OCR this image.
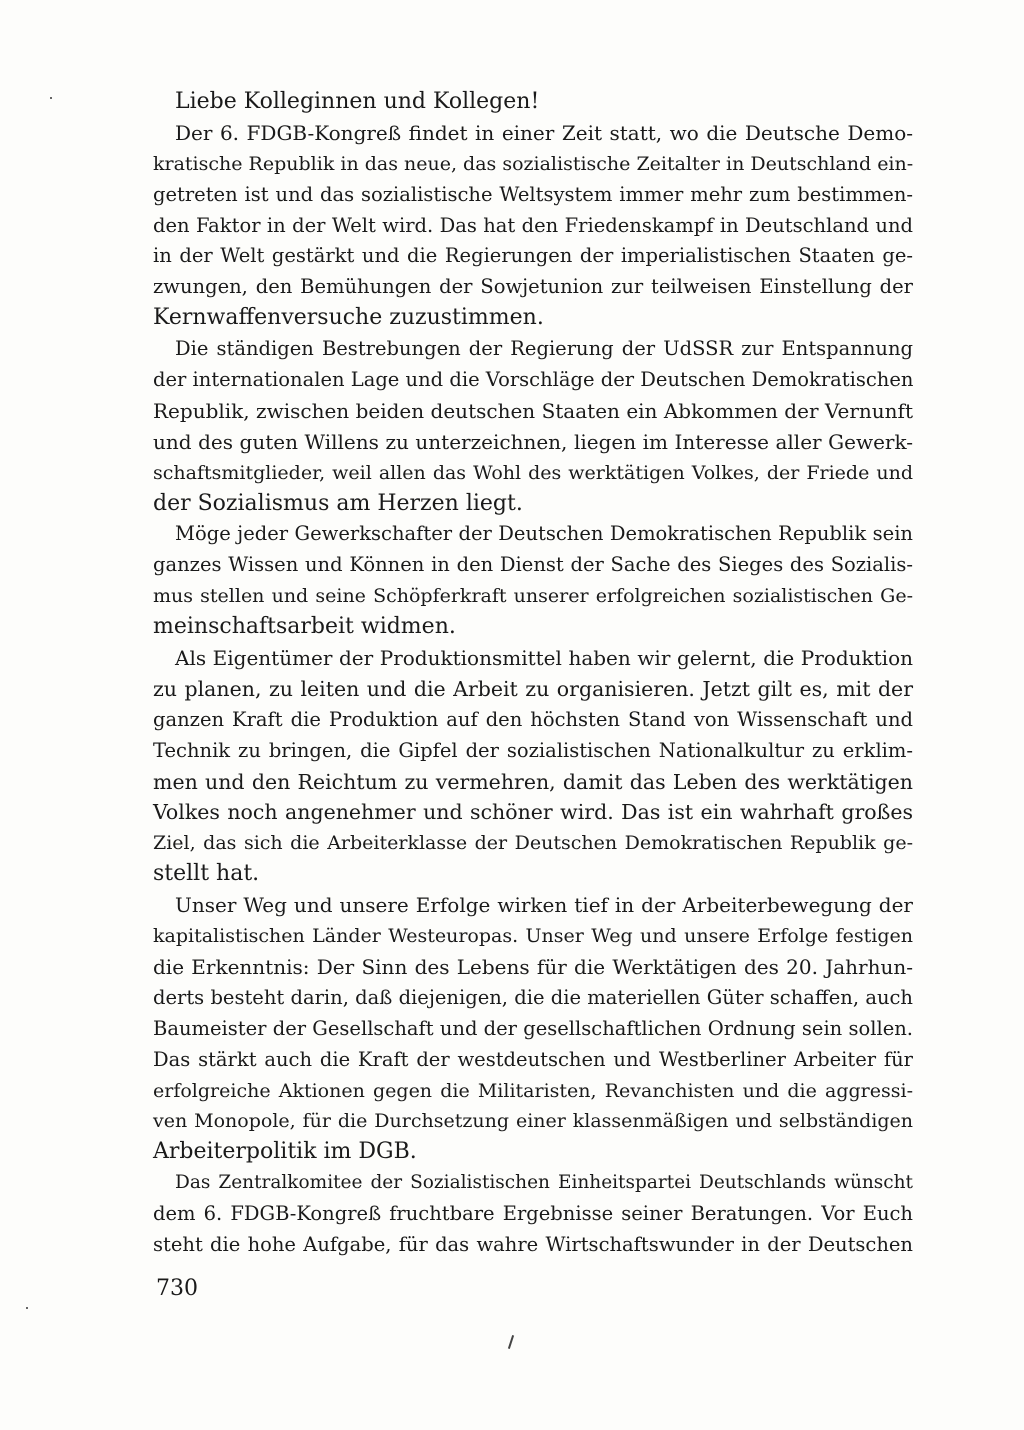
Liebe Kolleginnen und Kollegen!
Der 6. FDGB-Kongreß findet in einer Zeit statt, wo die Deutsche Demo-
kratische Republik in das neue, das sozialistische Zeitalter in Deutschland ein-
getreten ist und das sozialistische Weltsystem immer mehr zum bestimmen-
den Faktor in der Welt wird. Das hat den Friedenskampf in Deutschland und
in der Welt gestärkt und die Regierungen der imperialistischen Staaten ge-
zwungen, den Bemühungen der Sowjetunion zur teilweisen Einstellung der
Kernwaffenversuche zuzustimmen.
Die ständigen Bestrebungen der Regierung der UdSSR zur Entspannung
der internationalen Lage und die Vorschläge der Deutschen Demokratischen
Republik, zwischen beiden deutschen Staaten ein Abkommen der Vernunft
und des guten Willens zu unterzeichnen, liegen im Interesse aller Gewerk-
schaftsmitglieder, weil allen das Wohl des werktätigen Volkes, der Friede und
der Sozialismus am Herzen liegt.
Möge jeder Gewerkschafter der Deutschen Demokratischen Republik sein
ganzes Wissen und Können in den Dienst der Sache des Sieges des Sozialis-
mus stellen und seine Schöpferkraft unserer erfolgreichen sozialistischen Ge-
meinschaftsarbeit widmen.
Als Eigentümer der Produktionsmittel haben wir gelernt, die Produktion
zu planen, zu leiten und die Arbeit zu organisieren. Jetzt gilt es, mit der
ganzen Kraft die Produktion auf den höchsten Stand von Wissenschaft und
Technik zu bringen, die Gipfel der sozialistischen Nationalkultur zu erklim-
men und den Reichtum zu vermehren, damit das Leben des werktätigen
Volkes noch angenehmer und schöner wird. Das ist ein wahrhaft großes
Ziel, das sich die Arbeiterklasse der Deutschen Demokratischen Republik ge-
stellt hat.
Unser Weg und unsere Erfolge wirken tief in der Arbeiterbewegung der
kapitalistischen Länder Westeuropas. Unser Weg und unsere Erfolge festigen
die Erkenntnis: Der Sinn des Lebens für die Werktätigen des 20. Jahrhun-
derts besteht darin, daß diejenigen, die die materiellen Güter schaffen, auch
Baumeister der Gesellschaft und der gesellschaftlichen Ordnung sein sollen.
Das stärkt auch die Kraft der westdeutschen und Westberliner Arbeiter für
erfolgreiche Aktionen gegen die Militaristen, Revanchisten und die aggressi-
ven Monopole, für die Durchsetzung einer klassenmäßigen und selbständigen
Arbeiterpolitik im DGB.
Das Zentralkomitee der Sozialistischen Einheitspartei Deutschlands wünscht
dem 6. FDGB-Kongreß fruchtbare Ergebnisse seiner Beratungen. Vor Euch
steht die hohe Aufgabe, für das wahre Wirtschaftswunder in der Deutschen
730
